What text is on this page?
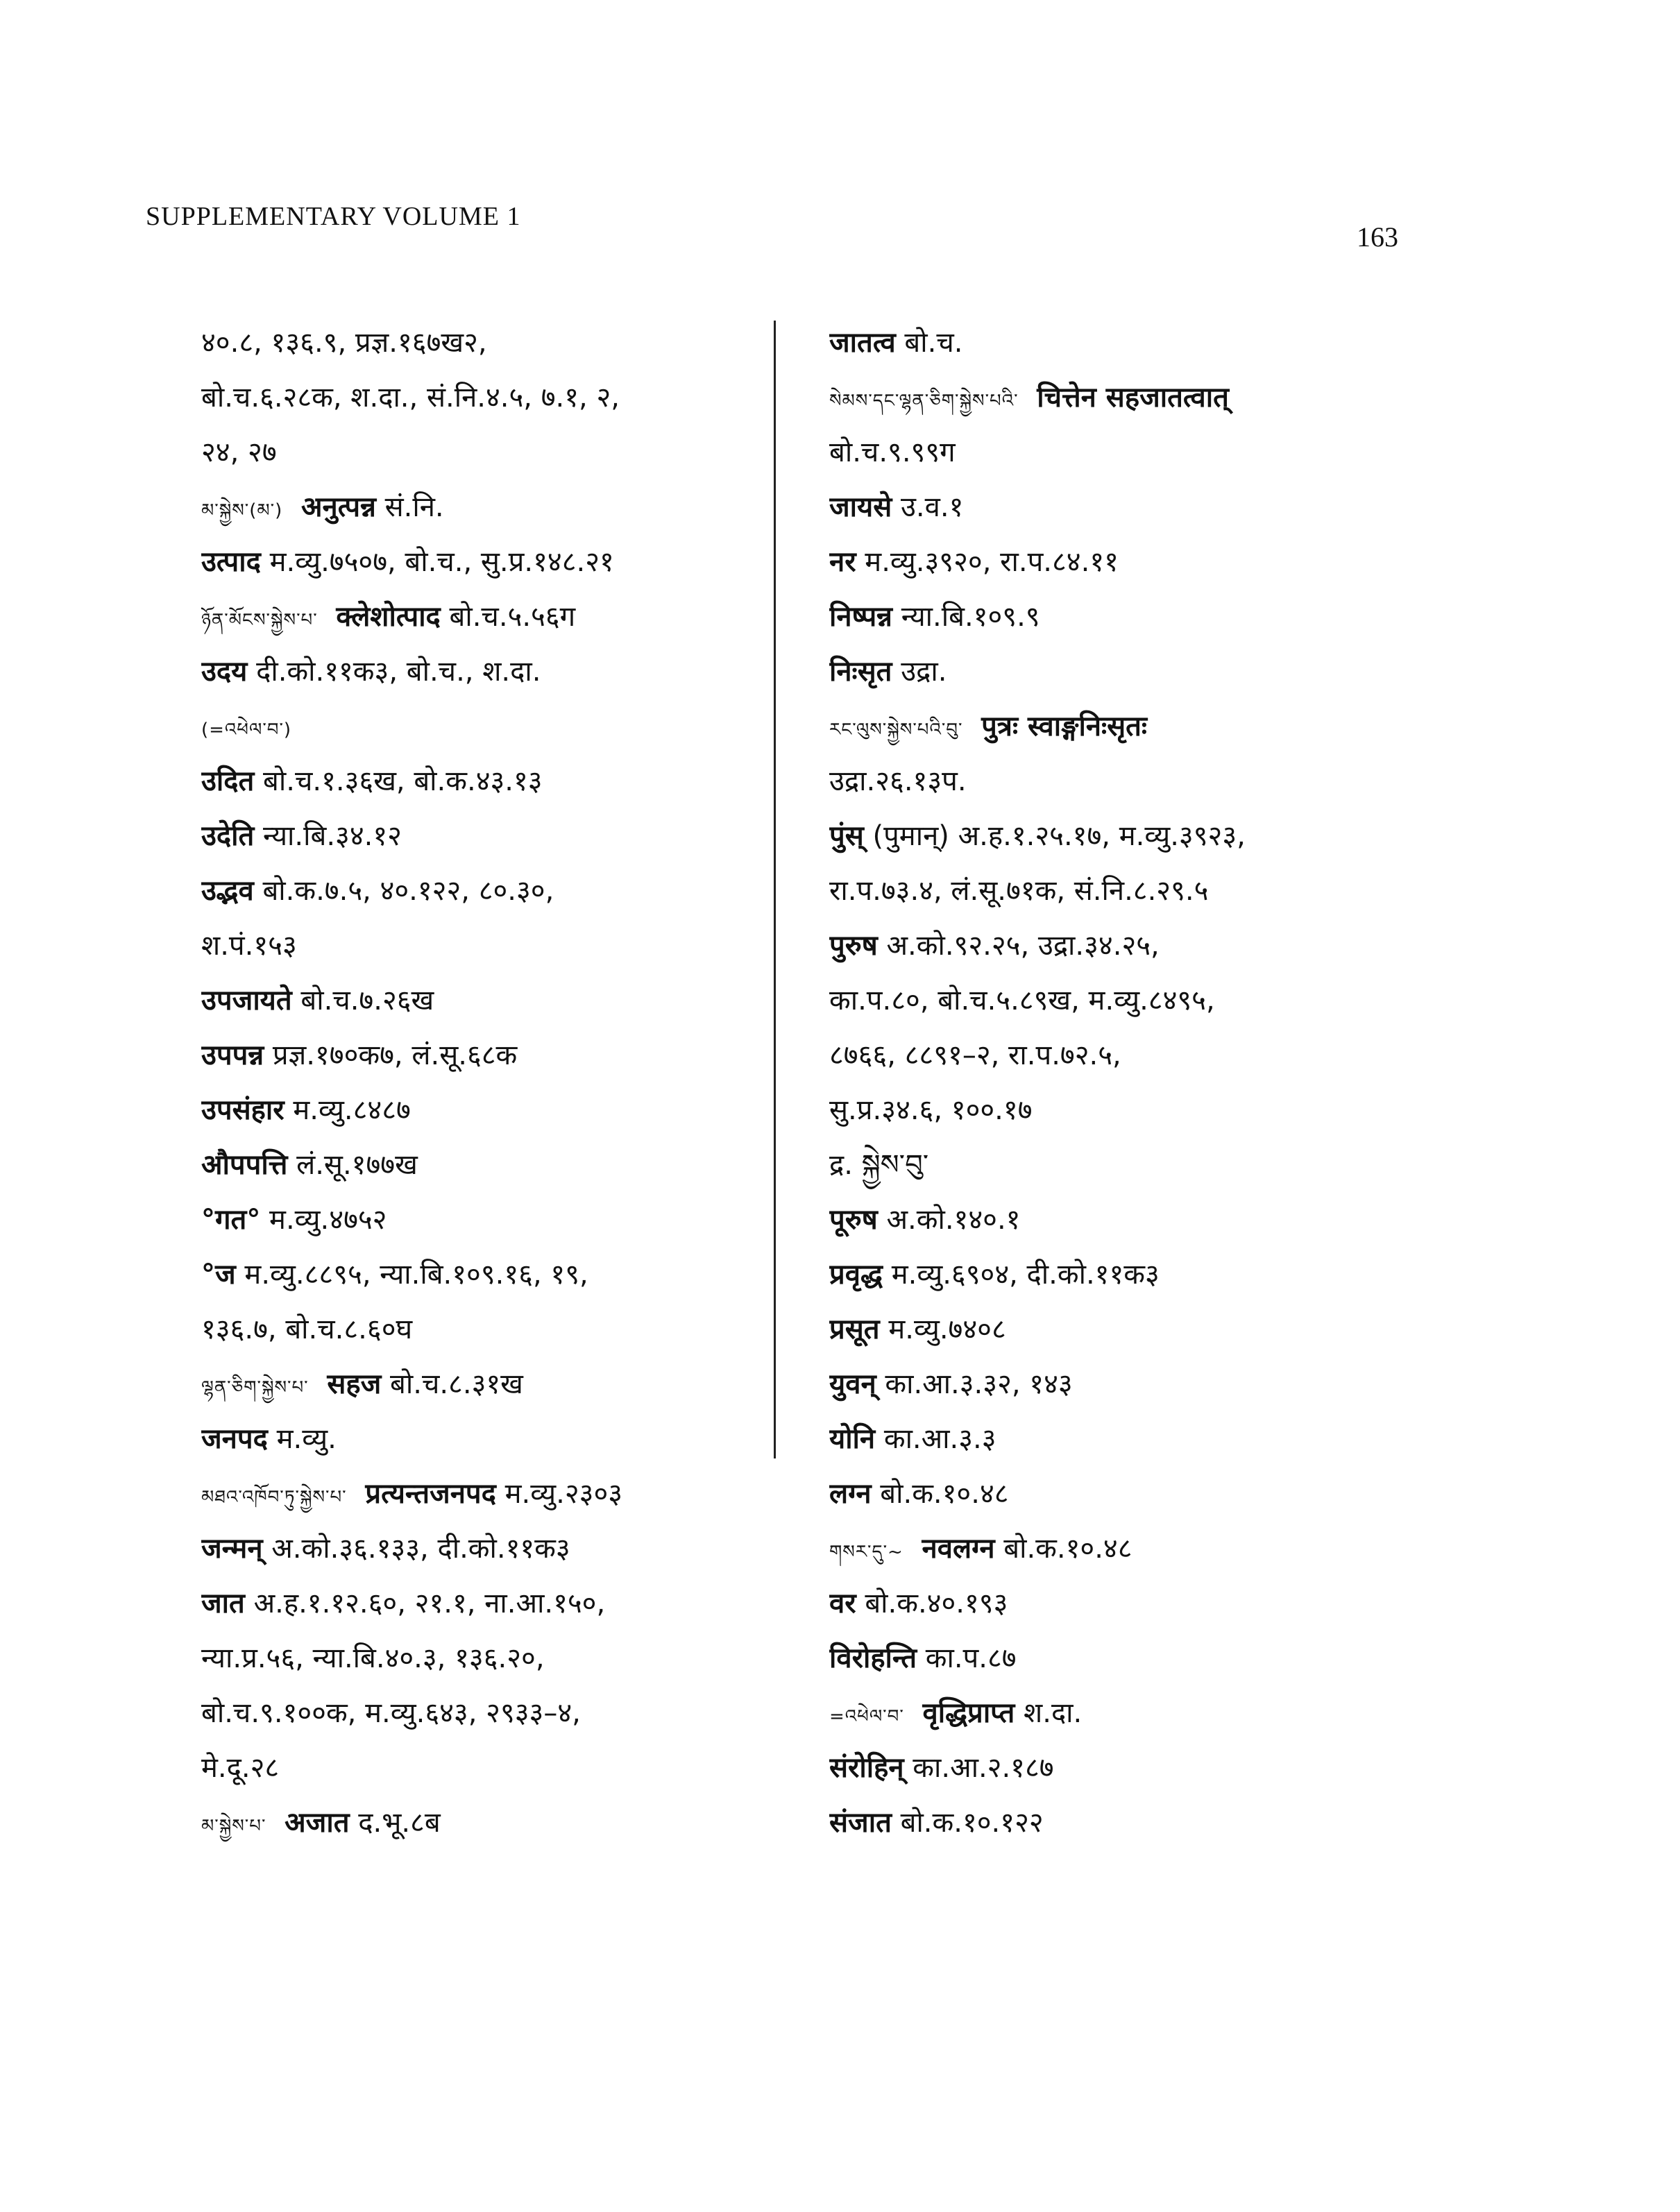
SUPPLEMENTARY VOLUME 1
163
४०.८, १३६.९, प्रज्ञ.१६७ख२,
बो.च.६.२८क, श.दा., सं.नि.४.५, ७.१, २,
२४, २७
མ་སྐྱེས་(མ་) अनुत्पन्न सं.नि.
उत्पाद म.व्यु.७५०७, बो.च., सु.प्र.१४८.२१
ཉོན་མོངས་སྐྱེས་པ་ क्लेशोत्पाद बो.च.५.५६ग
उदय दी.को.११क३, बो.च., श.दा.
(=འཕེལ་བ་)
उदित बो.च.१.३६ख, बो.क.४३.१३
उदेति न्या.बि.३४.१२
उद्भव बो.क.७.५, ४०.१२२, ८०.३०,
श.पं.१५३
उपजायते बो.च.७.२६ख
उपपन्न प्रज्ञ.१७०क७, लं.सू.६८क
उपसंहार म.व्यु.८४८७
औपपत्ति लं.सू.१७७ख
°गत° म.व्यु.४७५२
°ज म.व्यु.८८९५, न्या.बि.१०९.१६, १९,
१३६.७, बो.च.८.६०घ
ལྷན་ཅིག་སྐྱེས་པ་ सहज बो.च.८.३१ख
जनपद म.व्यु.
མཐའ་འཁོབ་ཏུ་སྐྱེས་པ་ प्रत्यन्तजनपद म.व्यु.२३०३
जन्मन् अ.को.३६.१३३, दी.को.११क३
जात अ.ह.१.१२.६०, २१.१, ना.आ.१५०,
न्या.प्र.५६, न्या.बि.४०.३, १३६.२०,
बो.च.९.१००क, म.व्यु.६४३, २९३३–४,
मे.दू.२८
མ་སྐྱེས་པ་ अजात द.भू.८ब
जातत्व बो.च.
སེམས་དང་ལྷན་ཅིག་སྐྱེས་པའི་ चित्तेन सहजातत्वात्
बो.च.९.९९ग
जायसे उ.व.१
नर म.व्यु.३९२०, रा.प.८४.११
निष्पन्न न्या.बि.१०९.९
निःसृत उद्रा.
རང་ལུས་སྐྱེས་པའི་བུ་ पुत्रः स्वाङ्गनिःसृतः
उद्रा.२६.१३प.
पुंस् (पुमान्) अ.ह.१.२५.१७, म.व्यु.३९२३,
रा.प.७३.४, लं.सू.७१क, सं.नि.८.२९.५
पुरुष अ.को.९२.२५, उद्रा.३४.२५,
का.प.८०, बो.च.५.८९ख, म.व्यु.८४९५,
८७६६, ८८९१–२, रा.प.७२.५,
सु.प्र.३४.६, १००.१७
द्र. སྐྱེས་བུ་
पूरुष अ.को.१४०.१
प्रवृद्ध म.व्यु.६९०४, दी.को.११क३
प्रसूत म.व्यु.७४०८
युवन् का.आ.३.३२, १४३
योनि का.आ.३.३
लग्न बो.क.१०.४८
གསར་དུ་~ नवलग्न बो.क.१०.४८
वर बो.क.४०.१९३
विरोहन्ति का.प.८७
=འཕེལ་བ་ वृद्धिप्राप्त श.दा.
संरोहिन् का.आ.२.१८७
संजात बो.क.१०.१२२
